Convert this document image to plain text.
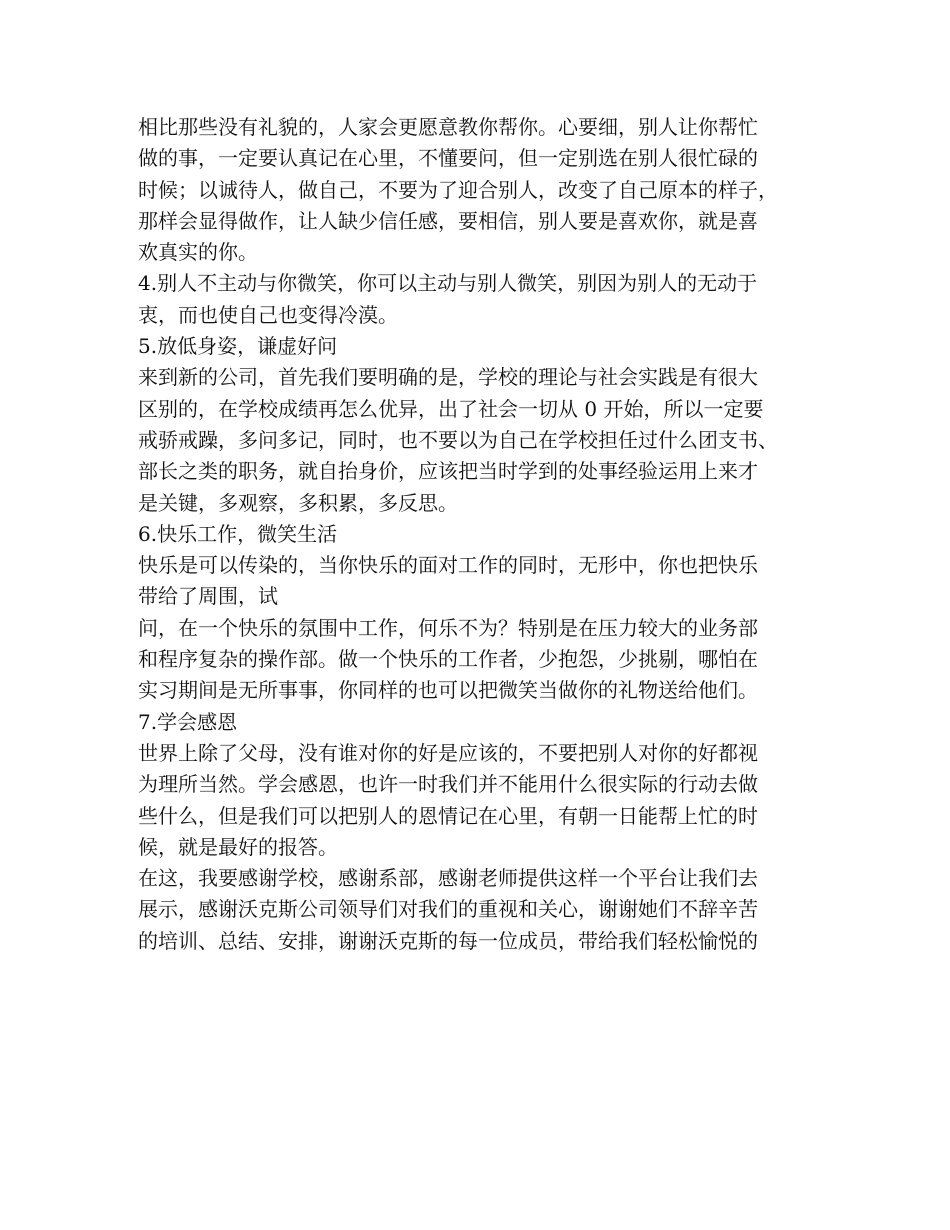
相比那些没有礼貌的，人家会更愿意教你帮你。心要细，别人让你帮忙
做的事，一定要认真记在心里，不懂要问，但一定别选在别人很忙碌的
时候；以诚待人，做自己，不要为了迎合别人，改变了自己原本的样子，
那样会显得做作，让人缺少信任感，要相信，别人要是喜欢你，就是喜
欢真实的你。
4.别人不主动与你微笑，你可以主动与别人微笑，别因为别人的无动于
衷，而也使自己也变得冷漠。
5.放低身姿，谦虚好问
来到新的公司，首先我们要明确的是，学校的理论与社会实践是有很大
区别的，在学校成绩再怎么优异，出了社会一切从 0 开始，所以一定要
戒骄戒躁，多问多记，同时，也不要以为自己在学校担任过什么团支书、
部长之类的职务，就自抬身价，应该把当时学到的处事经验运用上来才
是关键，多观察，多积累，多反思。
6.快乐工作，微笑生活
快乐是可以传染的，当你快乐的面对工作的同时，无形中，你也把快乐
带给了周围，试
问，在一个快乐的氛围中工作，何乐不为？特别是在压力较大的业务部
和程序复杂的操作部。做一个快乐的工作者，少抱怨，少挑剔，哪怕在
实习期间是无所事事，你同样的也可以把微笑当做你的礼物送给他们。
7.学会感恩
世界上除了父母，没有谁对你的好是应该的，不要把别人对你的好都视
为理所当然。学会感恩，也许一时我们并不能用什么很实际的行动去做
些什么，但是我们可以把别人的恩情记在心里，有朝一日能帮上忙的时
候，就是最好的报答。
在这，我要感谢学校，感谢系部，感谢老师提供这样一个平台让我们去
展示，感谢沃克斯公司领导们对我们的重视和关心，谢谢她们不辞辛苦
的培训、总结、安排，谢谢沃克斯的每一位成员，带给我们轻松愉悦的
